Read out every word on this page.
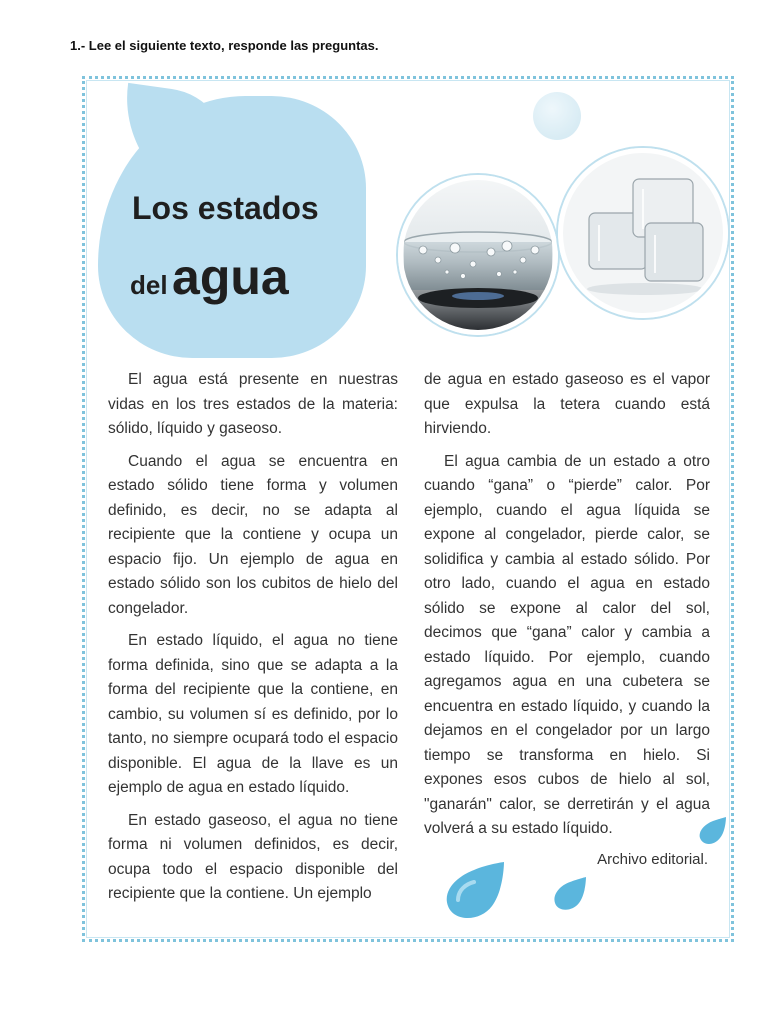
1.- Lee el siguiente texto, responde las preguntas.
Los estados
del agua

El agua está presente en nuestras vidas en los tres estados de la materia: sólido, líquido y gaseoso.

Cuando el agua se encuentra en estado sólido tiene forma y volumen definido, es decir, no se adapta al recipiente que la contiene y ocupa un espacio fijo. Un ejemplo de agua en estado sólido son los cubitos de hielo del congelador.

En estado líquido, el agua no tiene forma definida, sino que se adapta a la forma del recipiente que la contiene, en cambio, su volumen sí es definido, por lo tanto, no siempre ocupará todo el espacio disponible. El agua de la llave es un ejemplo de agua en estado líquido.

En estado gaseoso, el agua no tiene forma ni volumen definidos, es decir, ocupa todo el espacio disponible del recipiente que la contiene. Un ejemplo

de agua en estado gaseoso es el vapor que expulsa la tetera cuando está hirviendo.

El agua cambia de un estado a otro cuando “gana” o “pierde” calor. Por ejemplo, cuando el agua líquida se expone al congelador, pierde calor, se solidifica y cambia al estado sólido. Por otro lado, cuando el agua en estado sólido se expone al calor del sol, decimos que “gana” calor y cambia a estado líquido. Por ejemplo, cuando agregamos agua en una cubetera se encuentra en estado líquido, y cuando la dejamos en el congelador por un largo tiempo se transforma en hielo. Si expones esos cubos de hielo al sol, "ganarán" calor, se derretirán y el agua volverá a su estado líquido.

Archivo editorial.
